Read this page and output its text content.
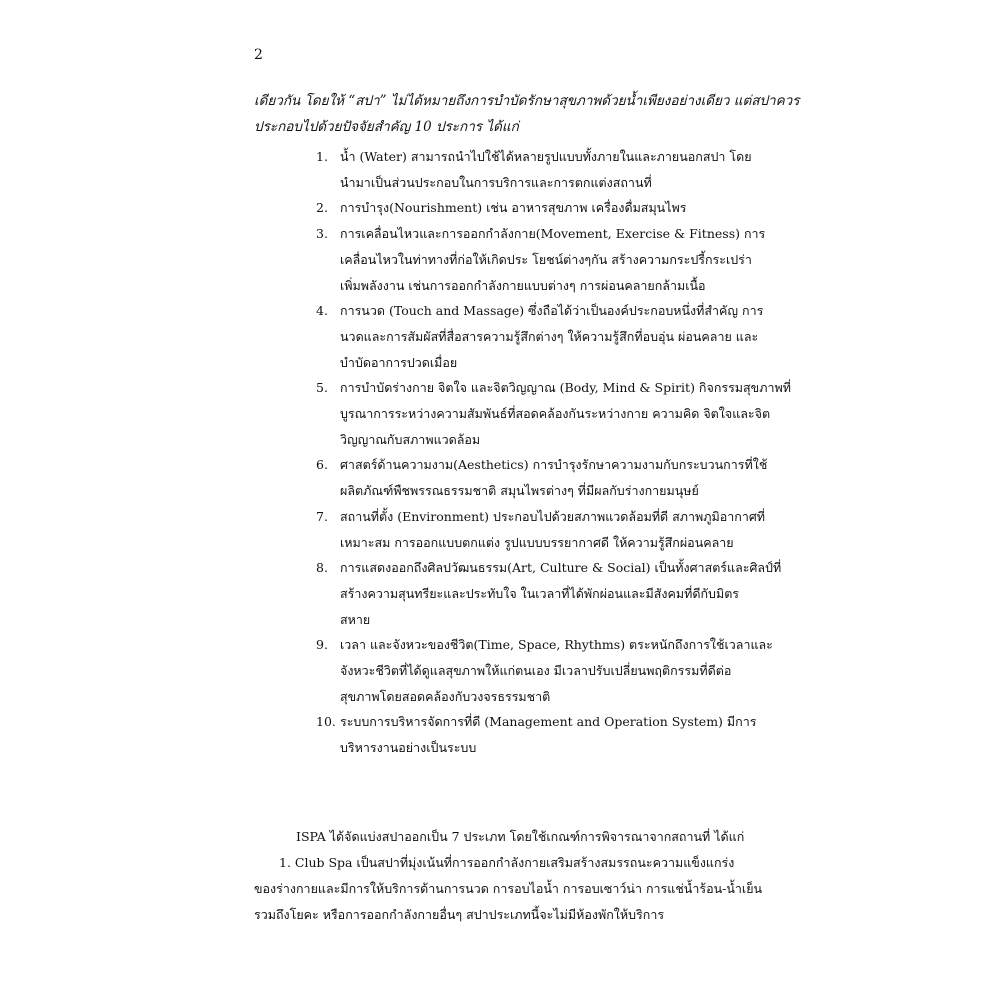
2

เดียวกัน โดยให้ “สปา” ไม่ได้หมายถึงการบำบัดรักษาสุขภาพด้วยน้ำเพียงอย่างเดียว แต่สปาควร

ประกอบไปด้วยปัจจัยสำคัญ 10 ประการ ได้แก่

1. น้ำ (Water) สามารถนำไปใช้ได้หลายรูปแบบทั้งภายในและภายนอกสปา โดย
นำมาเป็นส่วนประกอบในการบริการและการตกแต่งสถานที่
2. การบำรุง(Nourishment) เช่น อาหารสุขภาพ เครื่องดื่มสมุนไพร
3. การเคลื่อนไหวและการออกกำลังกาย(Movement, Exercise & Fitness) การ
เคลื่อนไหวในท่าทางที่ก่อให้เกิดประ โยชน์ต่างๆกัน สร้างความกระปรี้กระเปร่า
เพิ่มพลังงาน เช่นการออกกำลังกายแบบต่างๆ การผ่อนคลายกล้ามเนื้อ
4. การนวด (Touch and Massage) ซึ่งถือได้ว่าเป็นองค์ประกอบหนึ่งที่สำคัญ การ
นวดและการสัมผัสที่สื่อสารความรู้สึกต่างๆ ให้ความรู้สึกที่อบอุ่น ผ่อนคลาย และ
บำบัดอาการปวดเมื่อย
5. การบำบัดร่างกาย จิตใจ และจิตวิญญาณ (Body, Mind & Spirit) กิจกรรมสุขภาพที่
บูรณาการระหว่างความสัมพันธ์ที่สอดคล้องกันระหว่างกาย ความคิด จิตใจและจิต
วิญญาณกับสภาพแวดล้อม
6. ศาสตร์ด้านความงาม(Aesthetics) การบำรุงรักษาความงามกับกระบวนการที่ใช้
ผลิตภัณฑ์พืชพรรณธรรมชาติ สมุนไพรต่างๆ ที่มีผลกับร่างกายมนุษย์
7. สถานที่ตั้ง (Environment) ประกอบไปด้วยสภาพแวดล้อมที่ดี สภาพภูมิอากาศที่
เหมาะสม การออกแบบตกแต่ง รูปแบบบรรยากาศดี ให้ความรู้สึกผ่อนคลาย
8. การแสดงออกถึงศิลปวัฒนธรรม(Art, Culture & Social) เป็นทั้งศาสตร์และศิลป์ที่
สร้างความสุนทรียะและประทับใจ ในเวลาที่ได้พักผ่อนและมีสังคมที่ดีกับมิตร
สหาย
9. เวลา และจังหวะของชีวิต(Time, Space, Rhythms) ตระหนักถึงการใช้เวลาและ
จังหวะชีวิตที่ได้ดูแลสุขภาพให้แก่ตนเอง มีเวลาปรับเปลี่ยนพฤติกรรมที่ดีต่อ
สุขภาพโดยสอดคล้องกับวงจรธรรมชาติ
10. ระบบการบริหารจัดการที่ดี (Management and Operation System) มีการ
บริหารงานอย่างเป็นระบบ

ISPA ได้จัดแบ่งสปาออกเป็น 7 ประเภท โดยใช้เกณฑ์การพิจารณาจากสถานที่ ได้แก่

1. Club Spa เป็นสปาที่มุ่งเน้นที่การออกกำลังกายเสริมสร้างสมรรถนะความแข็งแกร่ง

ของร่างกายและมีการให้บริการด้านการนวด การอบไอน้ำ การอบเซาว์น่า การแช่น้ำร้อน-น้ำเย็น

รวมถึงโยคะ หรือการออกกำลังกายอื่นๆ สปาประเภทนี้จะไม่มีห้องพักให้บริการ
